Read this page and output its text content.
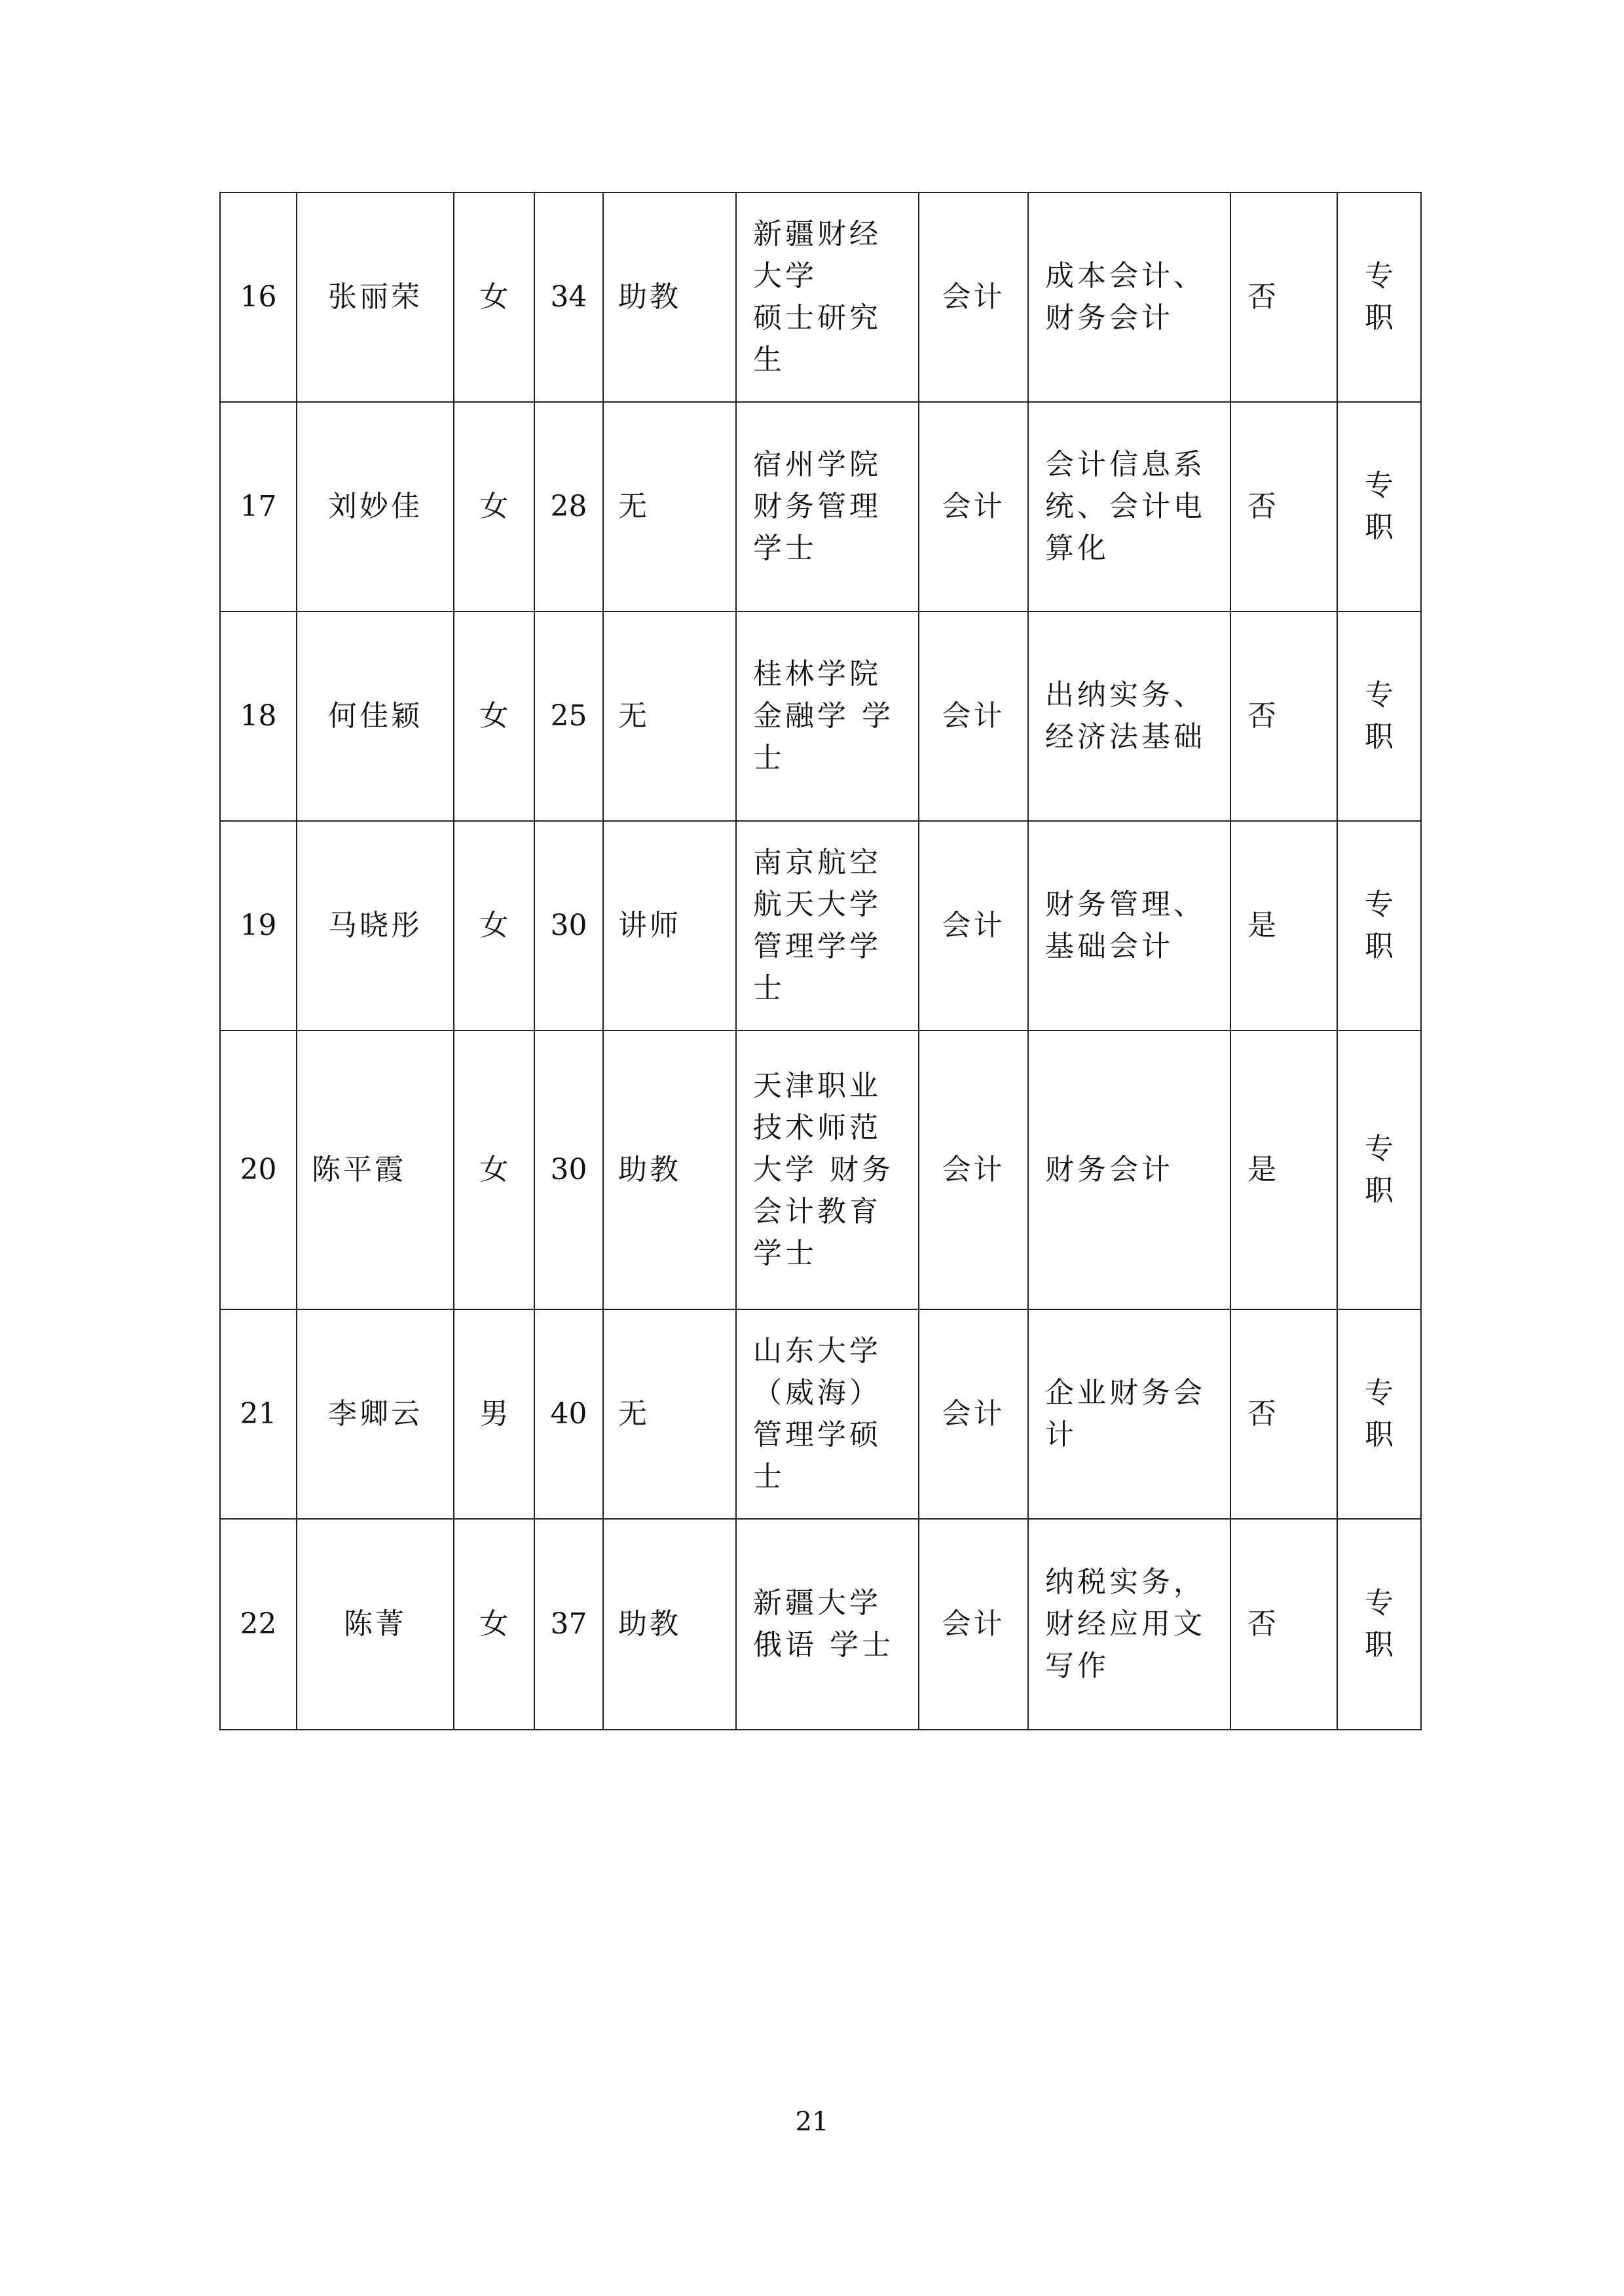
16	张丽荣	女	34	助教	新疆财经
大学
硕士研究
生	会计	成本会计、
财务会计	否	专
职

17	刘妙佳	女	28	无	宿州学院
财务管理
学士	会计	会计信息系
统、会计电
算化	否	专
职

18	何佳颖	女	25	无	桂林学院
金融学 学
士	会计	出纳实务、
经济法基础	否	专
职

19	马晓彤	女	30	讲师	南京航空
航天大学
管理学学
士	会计	财务管理、
基础会计	是	专
职

20	陈平霞	女	30	助教	天津职业
技术师范
大学 财务
会计教育
学士	会计	财务会计	是	专
职

21	李卿云	男	40	无	山东大学
（威海）
管理学硕
士	会计	企业财务会
计	否	专
职

22	陈菁	女	37	助教	新疆大学
俄语 学士	会计	纳税实务，
财经应用文
写作	否	专
职
21
